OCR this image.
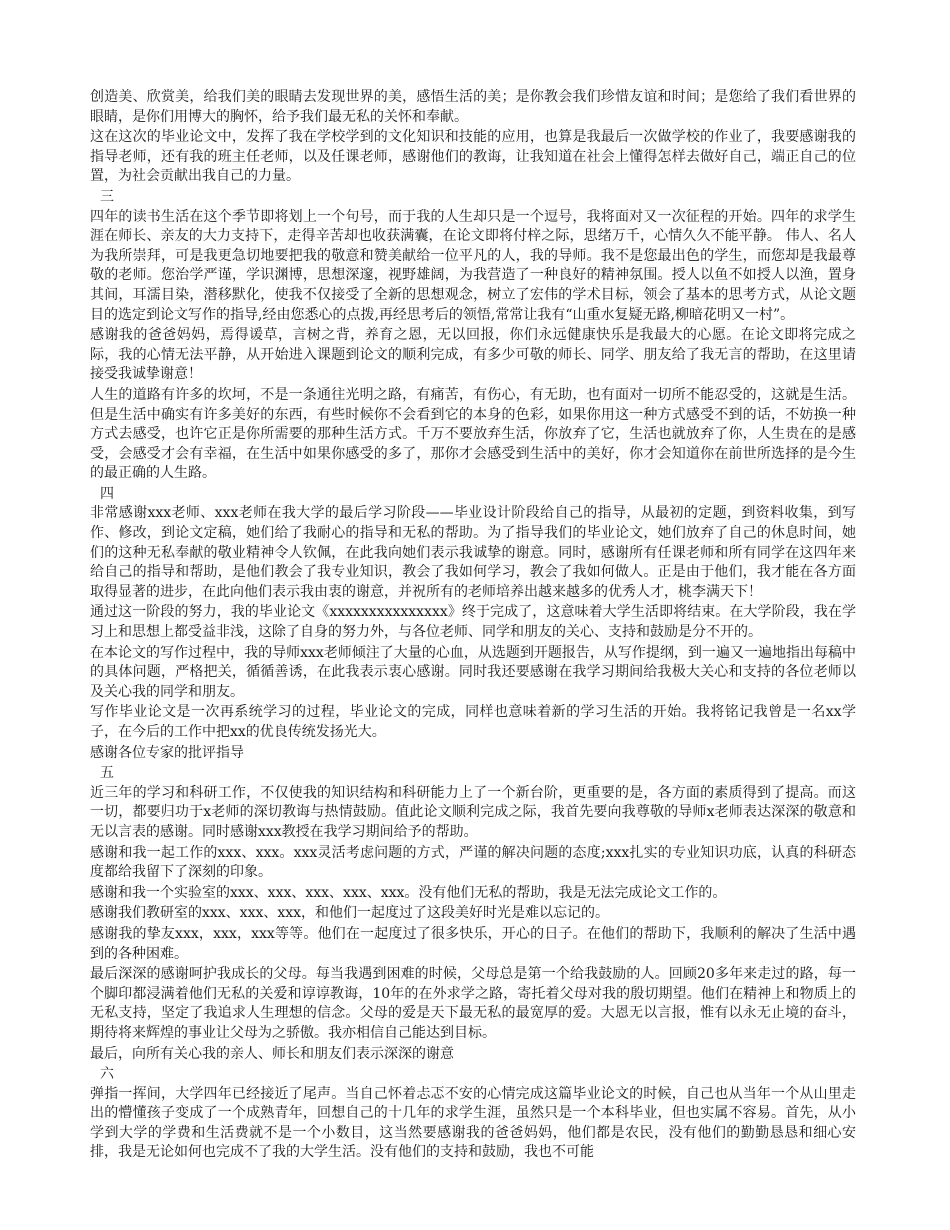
创造美、欣赏美，给我们美的眼睛去发现世界的美，感悟生活的美；是你教会我们珍惜友谊和时间；是您给了我们看世界的眼睛，是你们用博大的胸怀，给予我们最无私的关怀和奉献。

这在这次的毕业论文中，发挥了我在学校学到的文化知识和技能的应用，也算是我最后一次做学校的作业了，我要感谢我的指导老师，还有我的班主任老师，以及任课老师，感谢他们的教诲，让我知道在社会上懂得怎样去做好自己，端正自己的位置，为社会贡献出我自己的力量。

三

四年的读书生活在这个季节即将划上一个句号，而于我的人生却只是一个逗号，我将面对又一次征程的开始。四年的求学生涯在师长、亲友的大力支持下，走得辛苦却也收获满囊，在论文即将付梓之际，思绪万千，心情久久不能平静。 伟人、名人为我所崇拜，可是我更急切地要把我的敬意和赞美献给一位平凡的人，我的导师。我不是您最出色的学生，而您却是我最尊敬的老师。您治学严谨，学识渊博，思想深邃，视野雄阔，为我营造了一种良好的精神氛围。授人以鱼不如授人以渔，置身其间，耳濡目染，潜移默化，使我不仅接受了全新的思想观念，树立了宏伟的学术目标，领会了基本的思考方式，从论文题目的选定到论文写作的指导,经由您悉心的点拨,再经思考后的领悟,常常让我有“山重水复疑无路,柳暗花明又一村”。

感谢我的爸爸妈妈，焉得谖草，言树之背，养育之恩，无以回报，你们永远健康快乐是我最大的心愿。在论文即将完成之际，我的心情无法平静，从开始进入课题到论文的顺利完成，有多少可敬的师长、同学、朋友给了我无言的帮助，在这里请接受我诚挚谢意！

人生的道路有许多的坎坷，不是一条通往光明之路，有痛苦，有伤心，有无助，也有面对一切所不能忍受的，这就是生活。但是生活中确实有许多美好的东西，有些时候你不会看到它的本身的色彩，如果你用这一种方式感受不到的话，不妨换一种方式去感受，也许它正是你所需要的那种生活方式。千万不要放弃生活，你放弃了它，生活也就放弃了你，人生贵在的是感受，会感受才会有幸福，在生活中如果你感受的多了，那你才会感受到生活中的美好，你才会知道你在前世所选择的是今生的最正确的人生路。

四

非常感谢xxx老师、xxx老师在我大学的最后学习阶段——毕业设计阶段给自己的指导，从最初的定题，到资料收集，到写作、修改，到论文定稿，她们给了我耐心的指导和无私的帮助。为了指导我们的毕业论文，她们放弃了自己的休息时间，她们的这种无私奉献的敬业精神令人钦佩，在此我向她们表示我诚挚的谢意。同时，感谢所有任课老师和所有同学在这四年来给自己的指导和帮助，是他们教会了我专业知识，教会了我如何学习，教会了我如何做人。正是由于他们，我才能在各方面取得显著的进步，在此向他们表示我由衷的谢意，并祝所有的老师培养出越来越多的优秀人才，桃李满天下！

通过这一阶段的努力，我的毕业论文《xxxxxxxxxxxxxxx》终于完成了，这意味着大学生活即将结束。在大学阶段，我在学习上和思想上都受益非浅，这除了自身的努力外，与各位老师、同学和朋友的关心、支持和鼓励是分不开的。

在本论文的写作过程中，我的导师xxx老师倾注了大量的心血，从选题到开题报告，从写作提纲，到一遍又一遍地指出每稿中的具体问题，严格把关，循循善诱，在此我表示衷心感谢。同时我还要感谢在我学习期间给我极大关心和支持的各位老师以及关心我的同学和朋友。

写作毕业论文是一次再系统学习的过程，毕业论文的完成，同样也意味着新的学习生活的开始。我将铭记我曾是一名xx学子，在今后的工作中把xx的优良传统发扬光大。

感谢各位专家的批评指导

五

近三年的学习和科研工作，不仅使我的知识结构和科研能力上了一个新台阶，更重要的是，各方面的素质得到了提高。而这一切，都要归功于x老师的深切教诲与热情鼓励。值此论文顺利完成之际，我首先要向我尊敬的导师x老师表达深深的敬意和无以言表的感谢。同时感谢xxx教授在我学习期间给予的帮助。

感谢和我一起工作的xxx、xxx。xxx灵活考虑问题的方式，严谨的解决问题的态度;xxx扎实的专业知识功底，认真的科研态度都给我留下了深刻的印象。

感谢和我一个实验室的xxx、xxx、xxx、xxx、xxx。没有他们无私的帮助，我是无法完成论文工作的。

感谢我们教研室的xxx、xxx、xxx，和他们一起度过了这段美好时光是难以忘记的。

感谢我的挚友xxx，xxx，xxx等等。他们在一起度过了很多快乐，开心的日子。在他们的帮助下，我顺利的解决了生活中遇到的各种困难。

最后深深的感谢呵护我成长的父母。每当我遇到困难的时候，父母总是第一个给我鼓励的人。回顾20多年来走过的路，每一个脚印都浸满着他们无私的关爱和谆谆教诲，10年的在外求学之路，寄托着父母对我的殷切期望。他们在精神上和物质上的无私支持，坚定了我追求人生理想的信念。父母的爱是天下最无私的最宽厚的爱。大恩无以言报，惟有以永无止境的奋斗，期待将来辉煌的事业让父母为之骄傲。我亦相信自己能达到目标。

最后，向所有关心我的亲人、师长和朋友们表示深深的谢意

六

弹指一挥间，大学四年已经接近了尾声。当自己怀着忐忑不安的心情完成这篇毕业论文的时候，自己也从当年一个从山里走出的懵懂孩子变成了一个成熟青年，回想自己的十几年的求学生涯，虽然只是一个本科毕业，但也实属不容易。首先，从小学到大学的学费和生活费就不是一个小数目，这当然要感谢我的爸爸妈妈，他们都是农民，没有他们的勤勤恳恳和细心安排，我是无论如何也完成不了我的大学生活。没有他们的支持和鼓励，我也不可能
